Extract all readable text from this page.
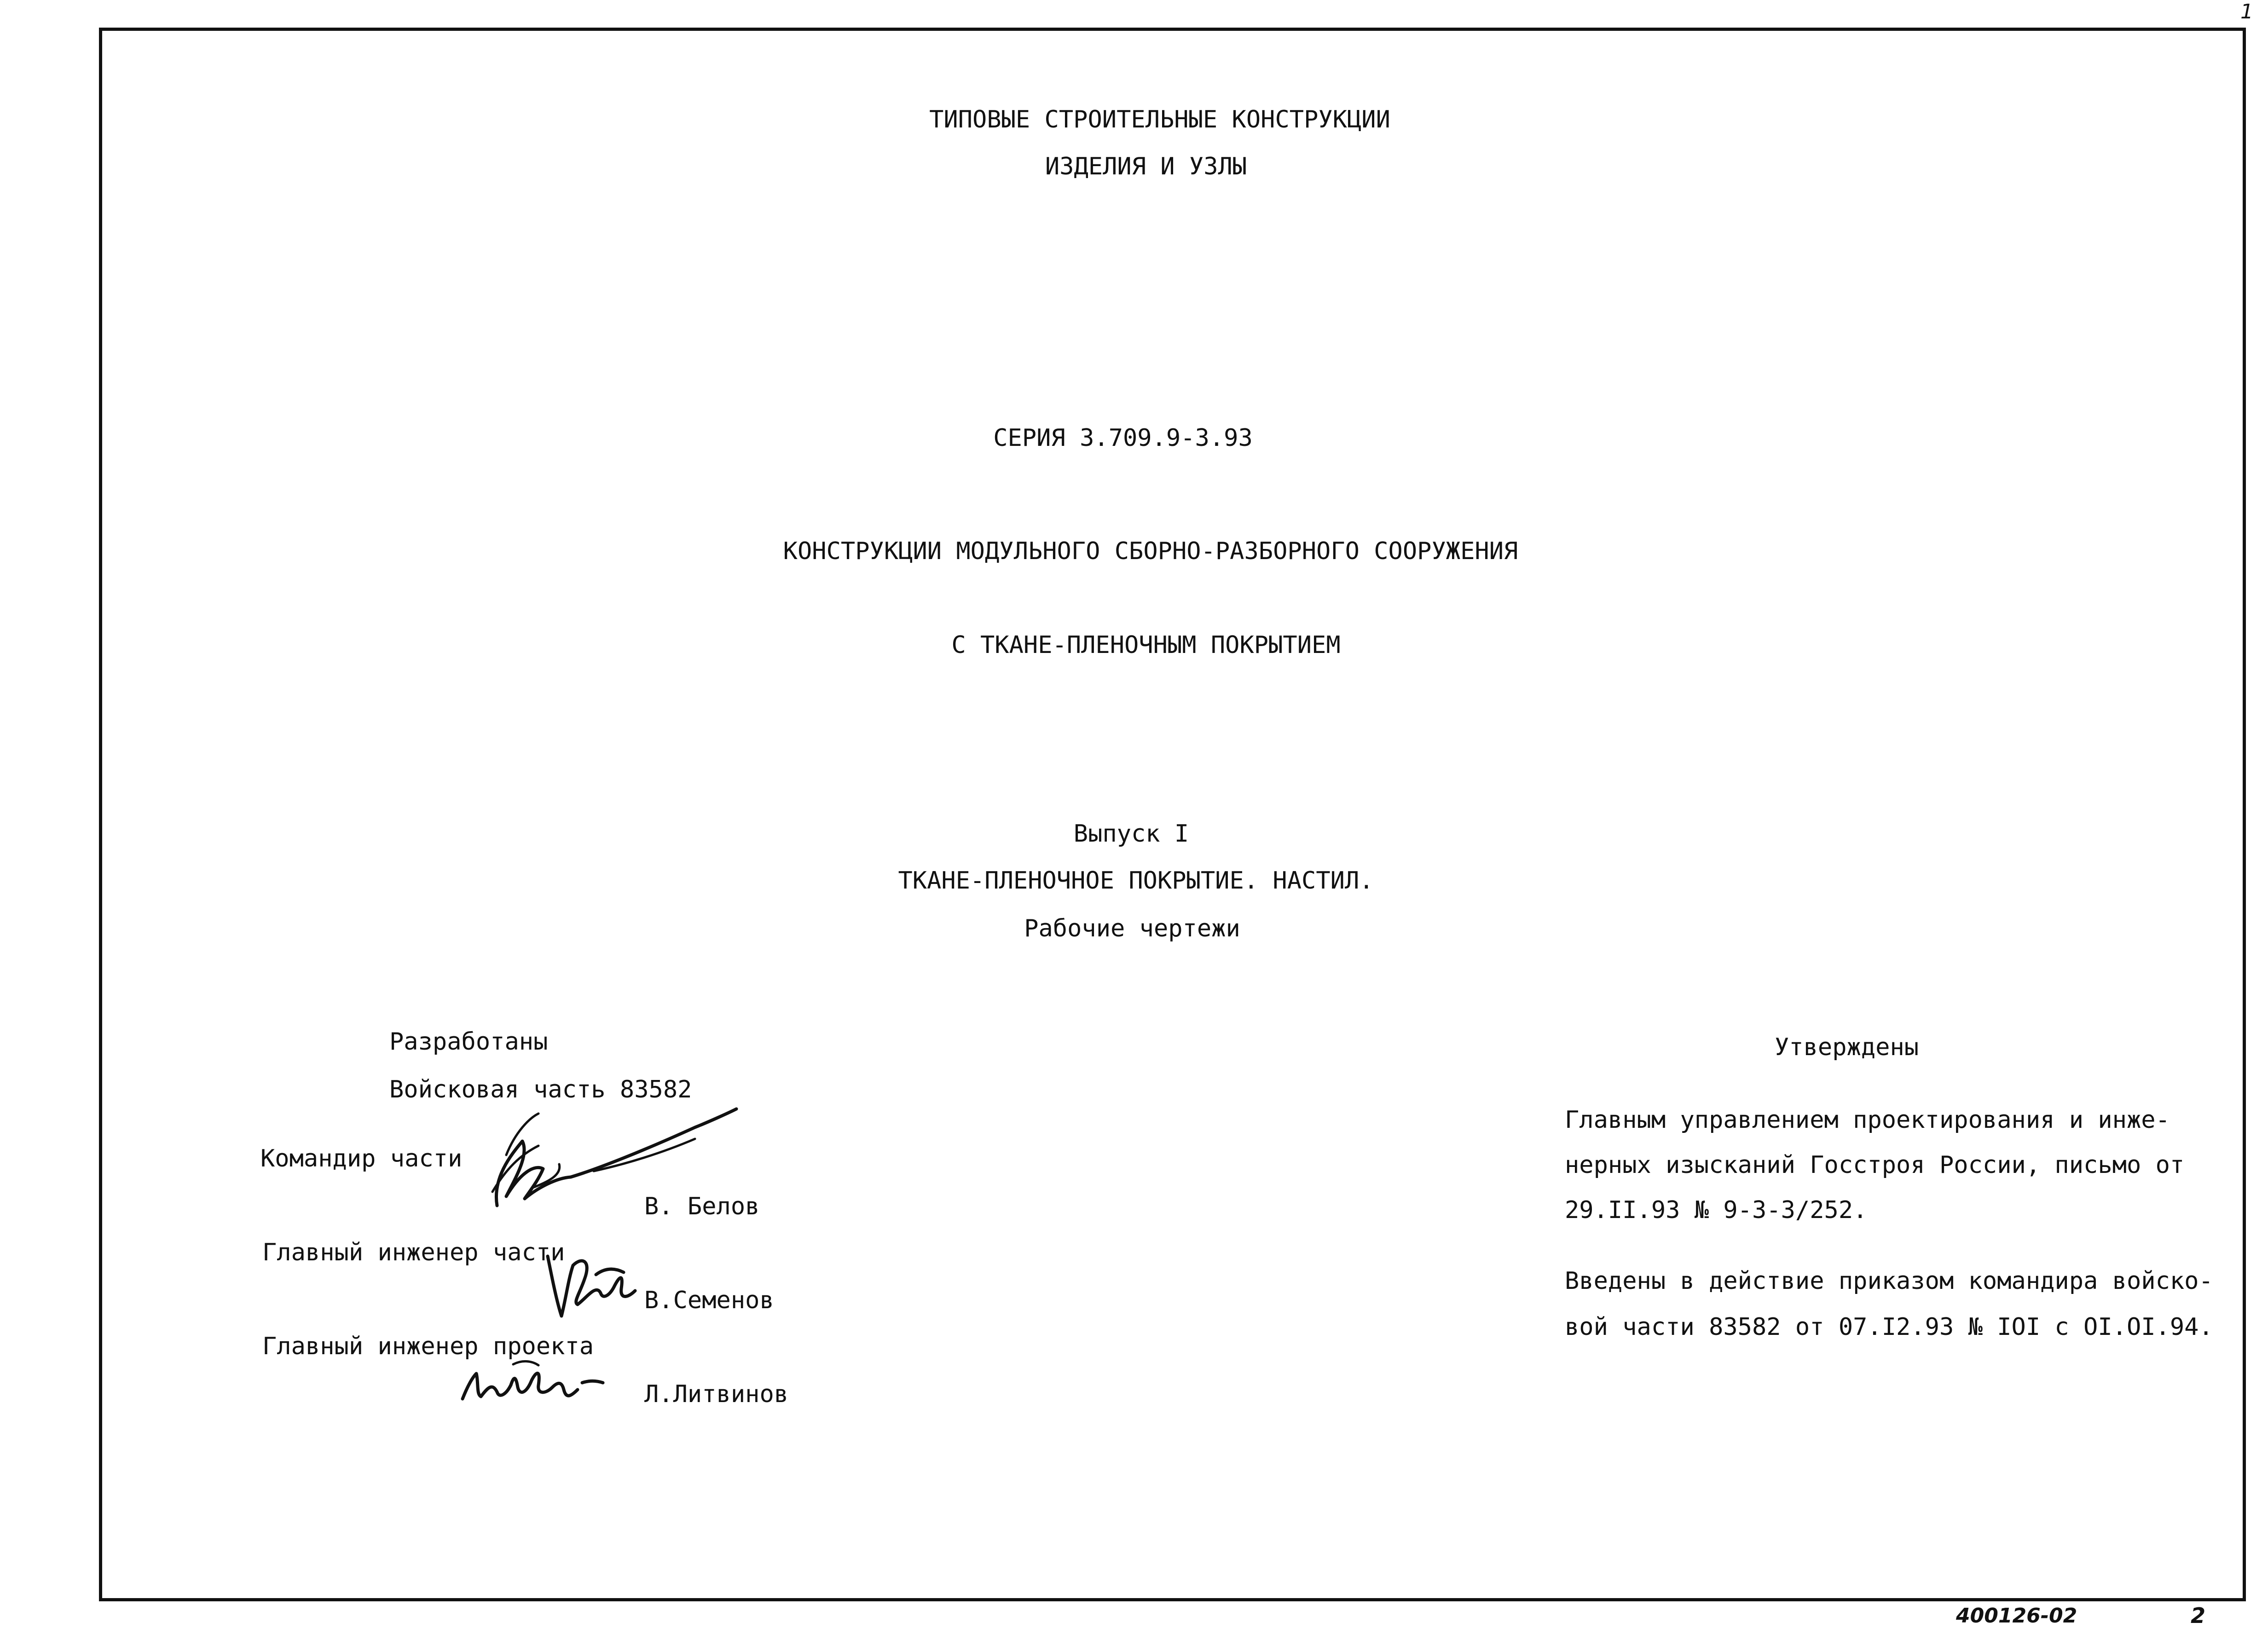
1
ТИПОВЫЕ СТРОИТЕЛЬНЫЕ КОНСТРУКЦИИ
ИЗДЕЛИЯ И УЗЛЫ
СЕРИЯ 3.709.9-3.93
КОНСТРУКЦИИ МОДУЛЬНОГО СБОРНО-РАЗБОРНОГО СООРУЖЕНИЯ
С ТКАНЕ-ПЛЕНОЧНЫМ ПОКРЫТИЕМ
Выпуск I
ТКАНЕ-ПЛЕНОЧНОЕ ПОКРЫТИЕ. НАСТИЛ.
Рабочие чертежи
Разработаны
Войсковая часть 83582
Командир части
В. Белов
Главный инженер части
В.Семенов
Главный инженер проекта
Л.Литвинов
Утверждены
Главным управлением проектирования и инже-
нерных изысканий Госстроя России, письмо от
29.II.93 № 9-3-3/252.
Введены в действие приказом командира войско-
вой части 83582 от 07.I2.93 № IOI с OI.OI.94.
400126-02	2
